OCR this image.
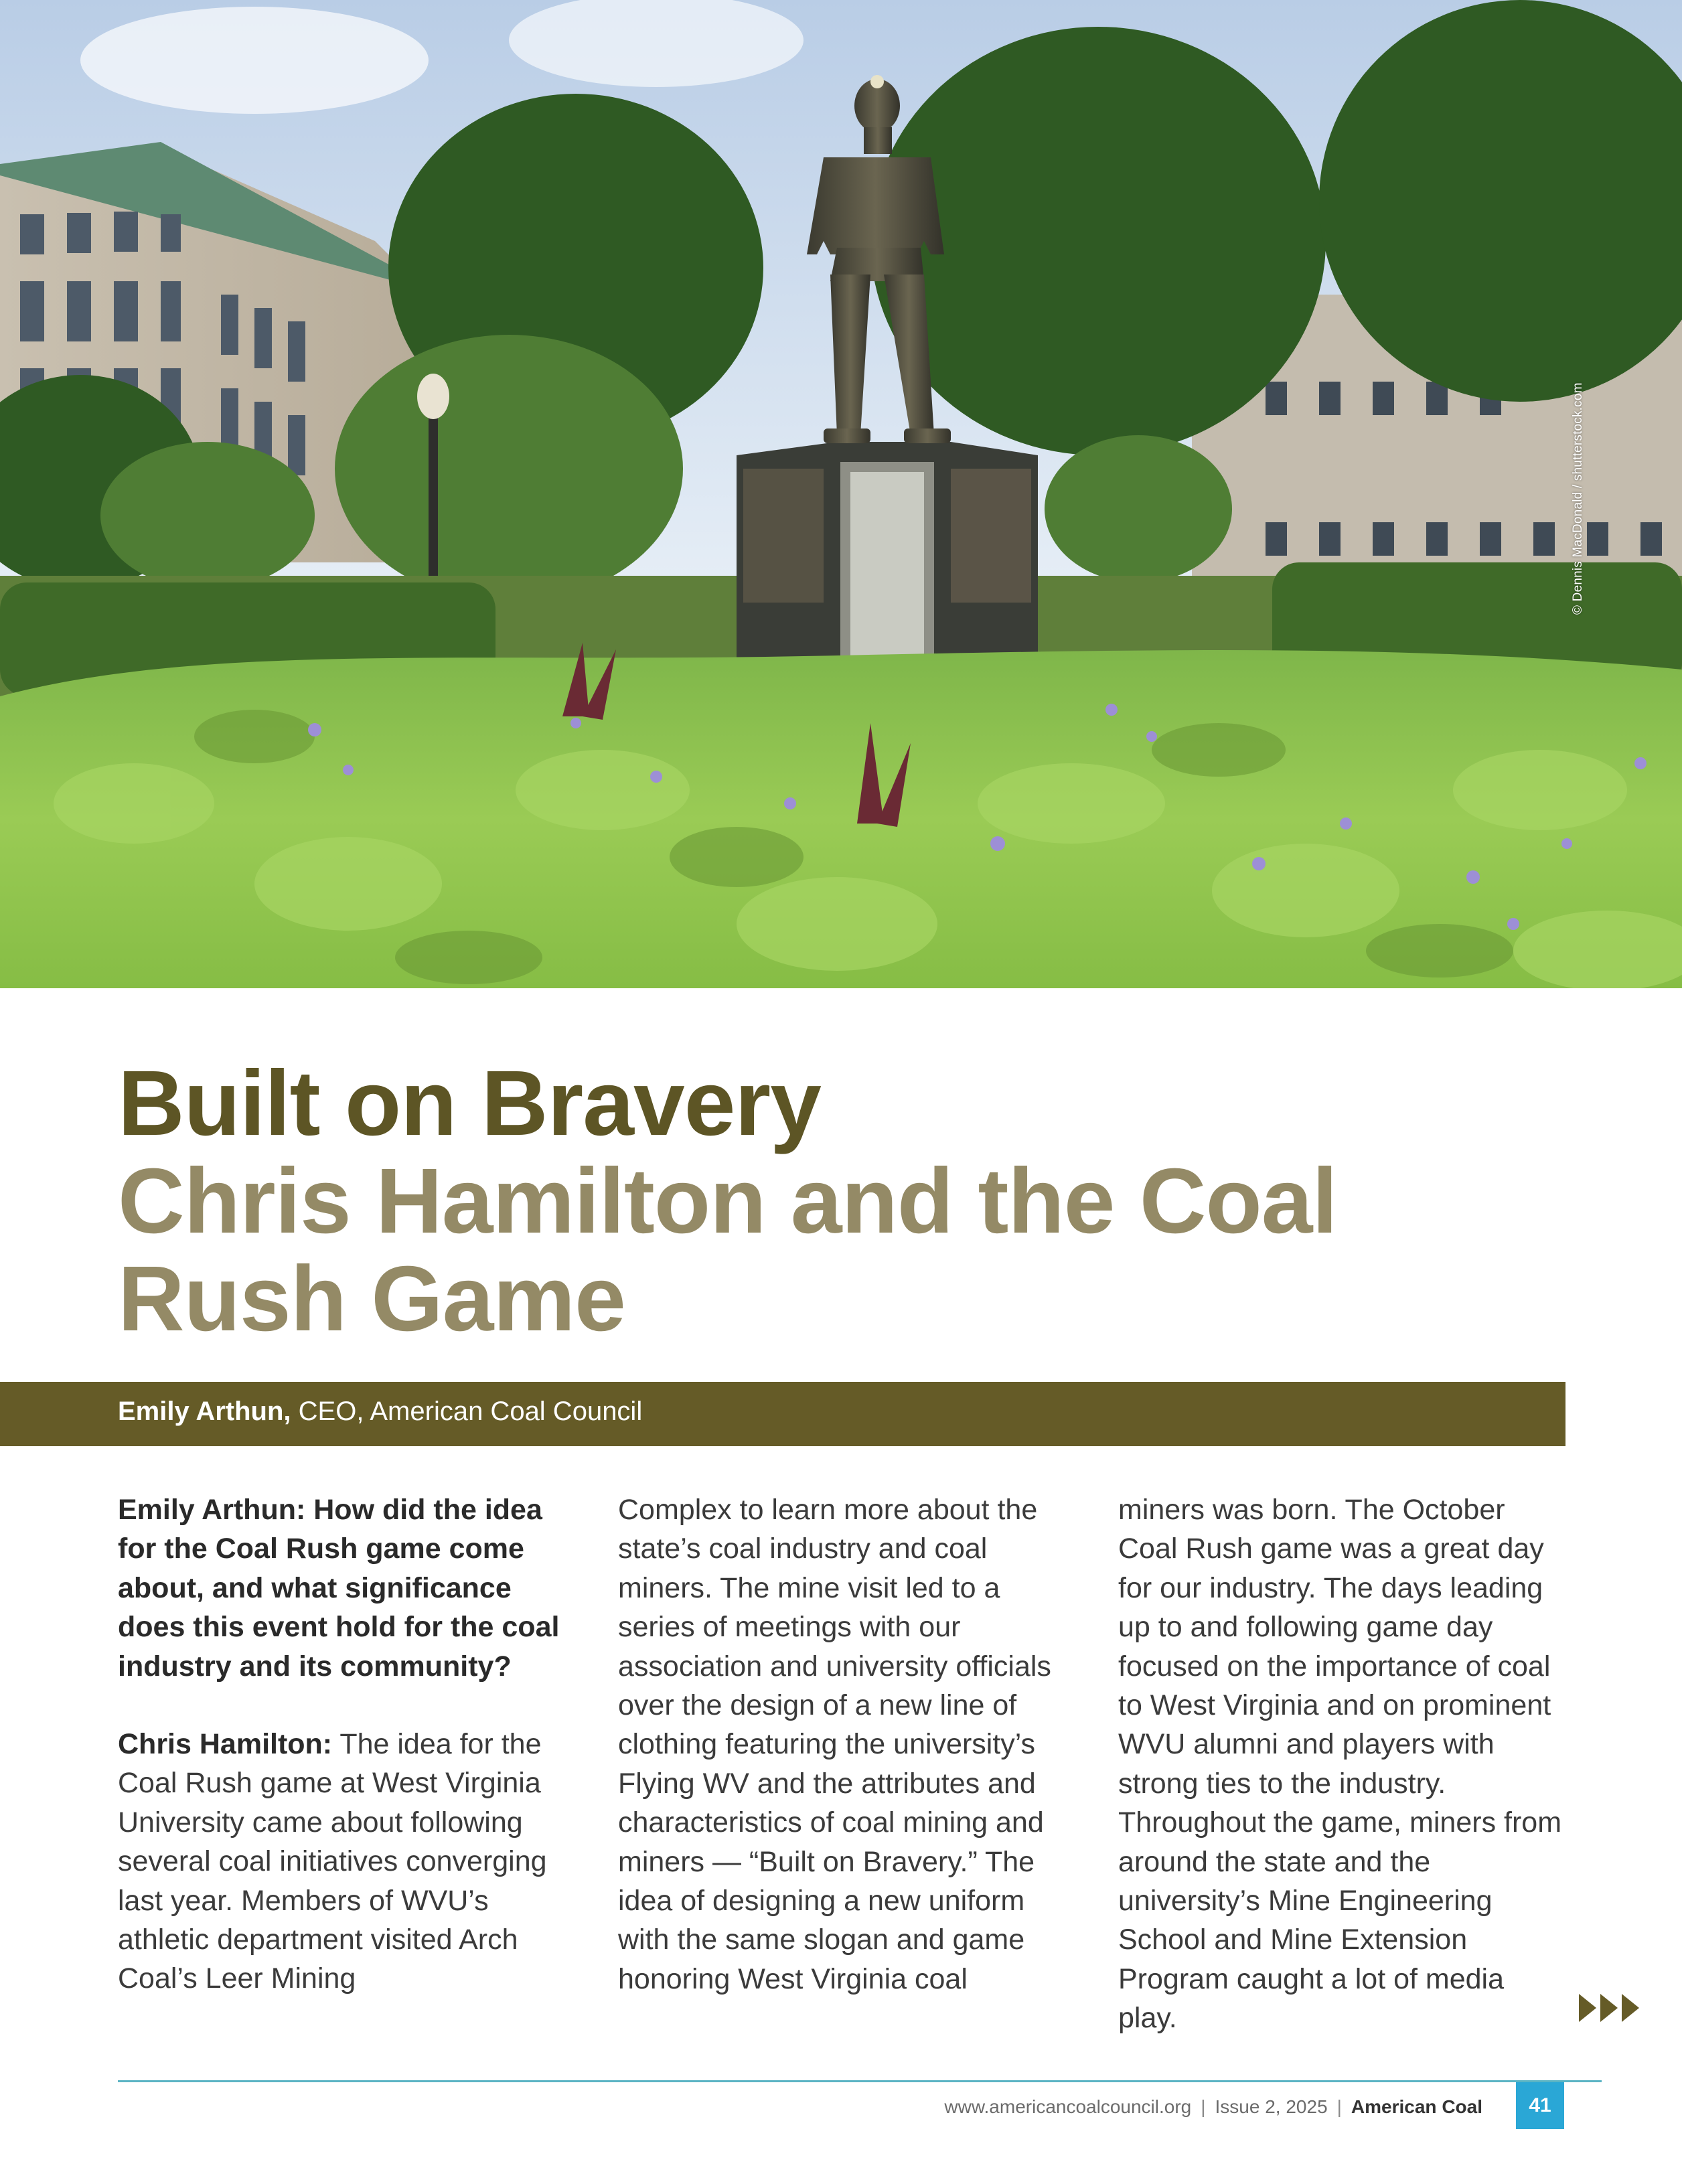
© Dennis MacDonald / shutterstock.com
Built on Bravery
Chris Hamilton and the Coal Rush Game
Emily Arthun, CEO, American Coal Council

Emily Arthun: How did the idea for the Coal Rush game come about, and what significance does this event hold for the coal industry and its community?

Chris Hamilton: The idea for the Coal Rush game at West Virginia University came about following several coal initiatives converging last year. Members of WVU’s athletic department visited Arch Coal’s Leer Mining

Complex to learn more about the state’s coal industry and coal miners. The mine visit led to a series of meetings with our association and university officials over the design of a new line of clothing featuring the university’s Flying WV and the attributes and characteristics of coal mining and miners — “Built on Bravery.” The idea of designing a new uniform with the same slogan and game honoring West Virginia coal

miners was born. The October Coal Rush game was a great day for our industry. The days leading up to and following game day focused on the importance of coal to West Virginia and on prominent WVU alumni and players with strong ties to the industry. Throughout the game, miners from around the state and the university’s Mine Engineering School and Mine Extension Program caught a lot of media play.

www.americancoalcouncil.org | Issue 2, 2025 | American Coal	41
